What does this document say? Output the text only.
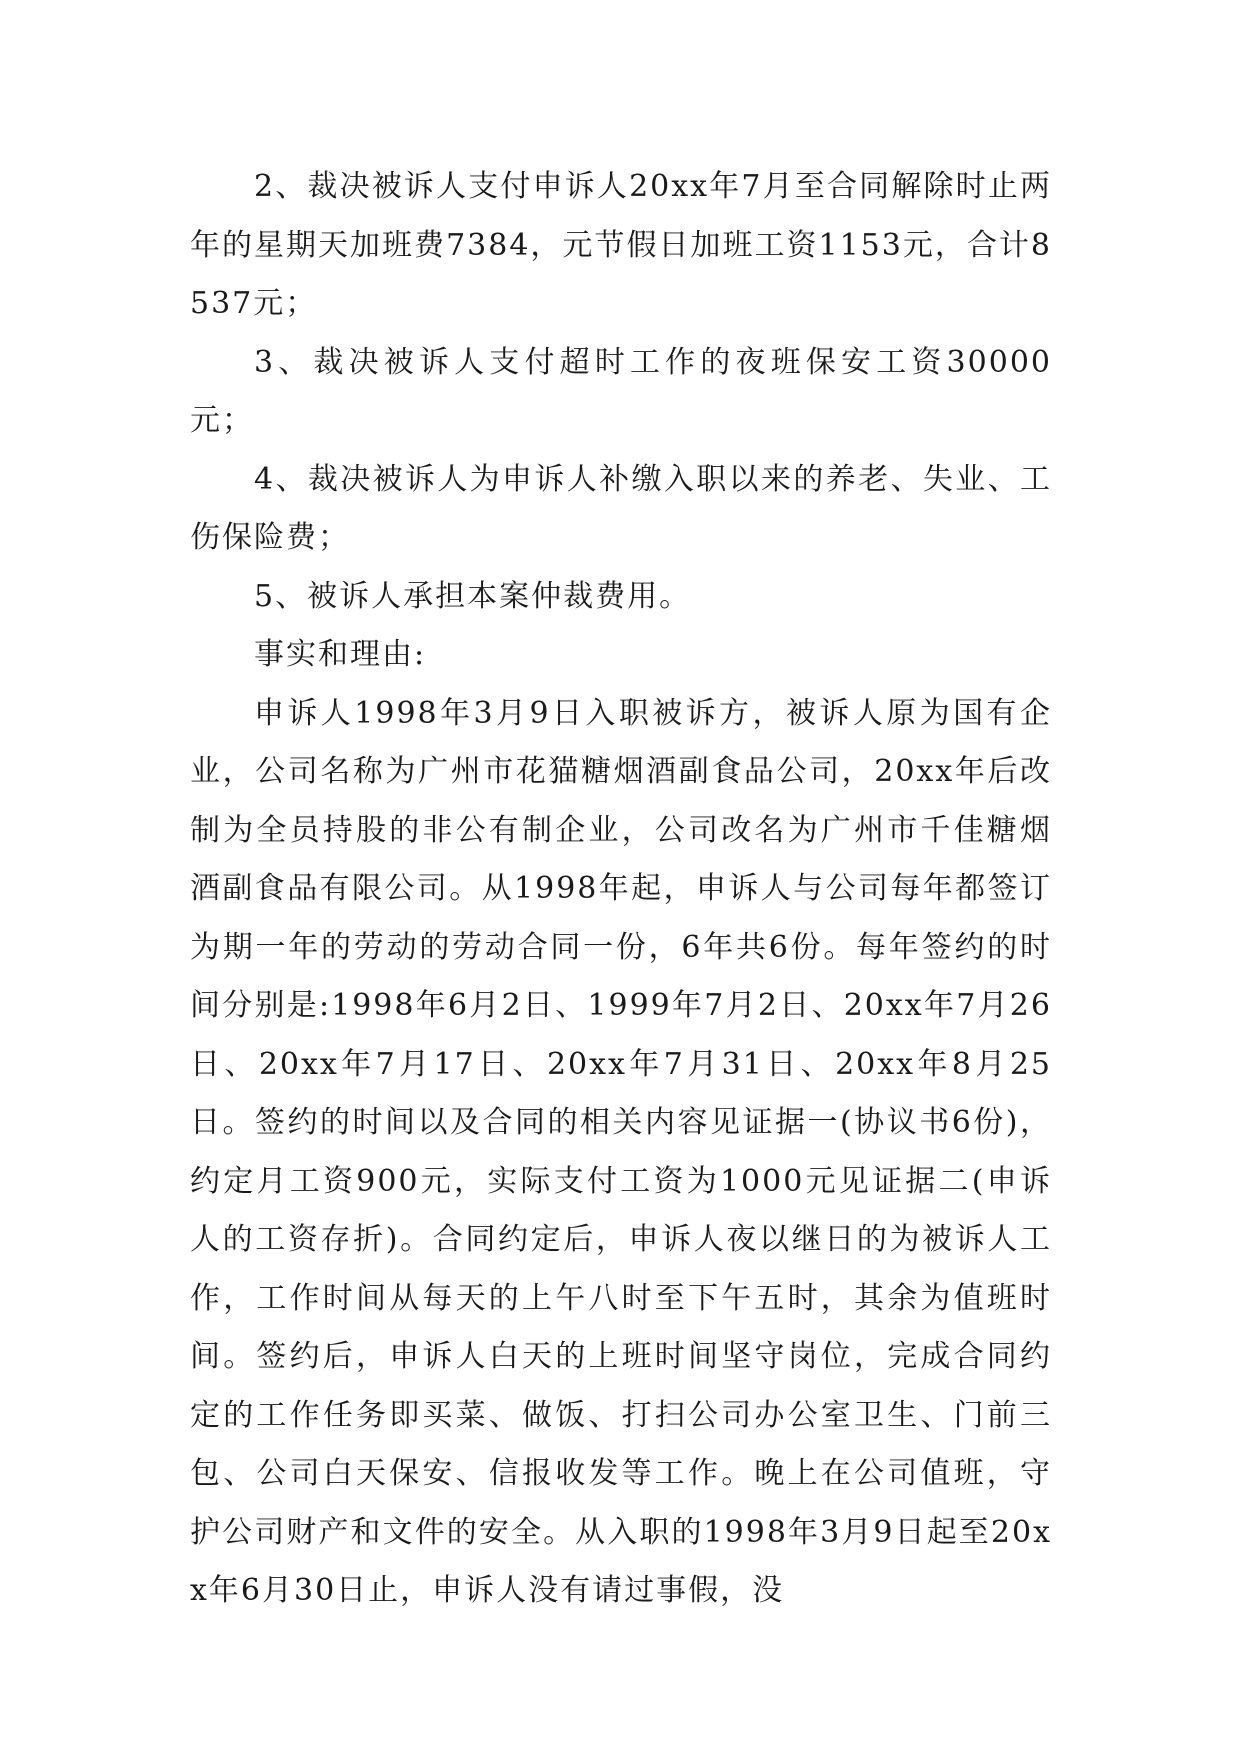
2、裁决被诉人支付申诉人20xx年7月至合同解除时止两年的星期天加班费7384，元节假日加班工资1153元，合计8537元；

3、裁决被诉人支付超时工作的夜班保安工资30000元；

4、裁决被诉人为申诉人补缴入职以来的养老、失业、工伤保险费；

5、被诉人承担本案仲裁费用。

事实和理由:

申诉人1998年3月9日入职被诉方，被诉人原为国有企业，公司名称为广州市花猫糖烟酒副食品公司，20xx年后改制为全员持股的非公有制企业，公司改名为广州市千佳糖烟酒副食品有限公司。从1998年起，申诉人与公司每年都签订为期一年的劳动的劳动合同一份，6年共6份。每年签约的时间分别是:1998年6月2日、1999年7月2日、20xx年7月26日、20xx年7月17日、20xx年7月31日、20xx年8月25日。签约的时间以及合同的相关内容见证据一(协议书6份)，约定月工资900元，实际支付工资为1000元见证据二(申诉人的工资存折)。合同约定后，申诉人夜以继日的为被诉人工作，工作时间从每天的上午八时至下午五时，其余为值班时间。签约后，申诉人白天的上班时间坚守岗位，完成合同约定的工作任务即买菜、做饭、打扫公司办公室卫生、门前三包、公司白天保安、信报收发等工作。晚上在公司值班，守护公司财产和文件的安全。从入职的1998年3月9日起至20xx年6月30日止，申诉人没有请过事假，没
